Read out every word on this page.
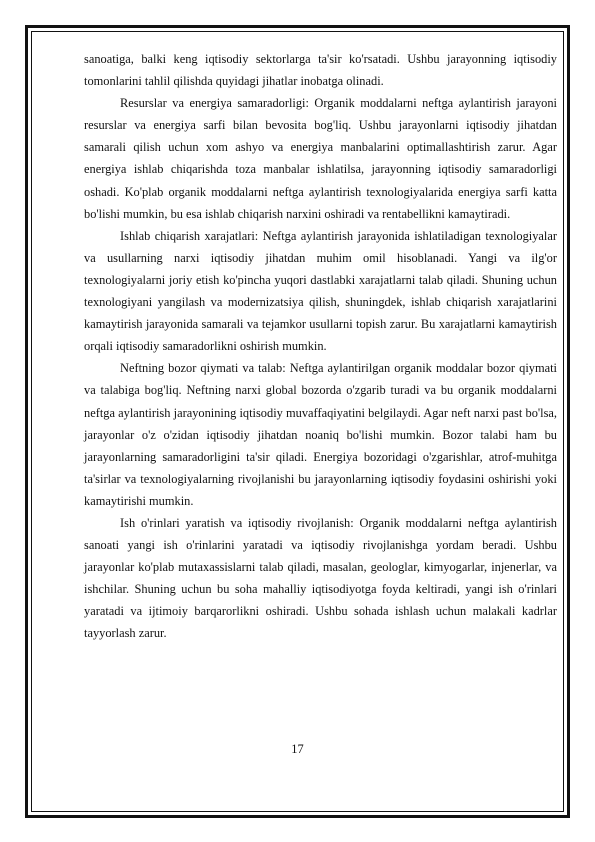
sanoatiga, balki keng iqtisodiy sektorlarga ta'sir ko'rsatadi. Ushbu jarayonning iqtisodiy tomonlarini tahlil qilishda quyidagi jihatlar inobatga olinadi.

Resurslar va energiya samaradorligi: Organik moddalarni neftga aylantirish jarayoni resurslar va energiya sarfi bilan bevosita bog'liq. Ushbu jarayonlarni iqtisodiy jihatdan samarali qilish uchun xom ashyo va energiya manbalarini optimallashtirish zarur. Agar energiya ishlab chiqarishda toza manbalar ishlatilsa, jarayonning iqtisodiy samaradorligi oshadi. Ko'plab organik moddalarni neftga aylantirish texnologiyalarida energiya sarfi katta bo'lishi mumkin, bu esa ishlab chiqarish narxini oshiradi va rentabellikni kamaytiradi.

Ishlab chiqarish xarajatlari: Neftga aylantirish jarayonida ishlatiladigan texnologiyalar va usullarning narxi iqtisodiy jihatdan muhim omil hisoblanadi. Yangi va ilg'or texnologiyalarni joriy etish ko'pincha yuqori dastlabki xarajatlarni talab qiladi. Shuning uchun texnologiyani yangilash va modernizatsiya qilish, shuningdek, ishlab chiqarish xarajatlarini kamaytirish jarayonida samarali va tejamkor usullarni topish zarur. Bu xarajatlarni kamaytirish orqali iqtisodiy samaradorlikni oshirish mumkin.

Neftning bozor qiymati va talab: Neftga aylantirilgan organik moddalar bozor qiymati va talabiga bog'liq. Neftning narxi global bozorda o'zgarib turadi va bu organik moddalarni neftga aylantirish jarayonining iqtisodiy muvaffaqiyatini belgilaydi. Agar neft narxi past bo'lsa, jarayonlar o'z o'zidan iqtisodiy jihatdan noaniq bo'lishi mumkin. Bozor talabi ham bu jarayonlarning samaradorligini ta'sir qiladi. Energiya bozoridagi o'zgarishlar, atrof-muhitga ta'sirlar va texnologiyalarning rivojlanishi bu jarayonlarning iqtisodiy foydasini oshirishi yoki kamaytirishi mumkin.

Ish o'rinlari yaratish va iqtisodiy rivojlanish: Organik moddalarni neftga aylantirish sanoati yangi ish o'rinlarini yaratadi va iqtisodiy rivojlanishga yordam beradi. Ushbu jarayonlar ko'plab mutaxassislarni talab qiladi, masalan, geologlar, kimyogarlar, injenerlar, va ishchilar. Shuning uchun bu soha mahalliy iqtisodiyotga foyda keltiradi, yangi ish o'rinlari yaratadi va ijtimoiy barqarorlikni oshiradi. Ushbu sohada ishlash uchun malakali kadrlar tayyorlash zarur.

17
